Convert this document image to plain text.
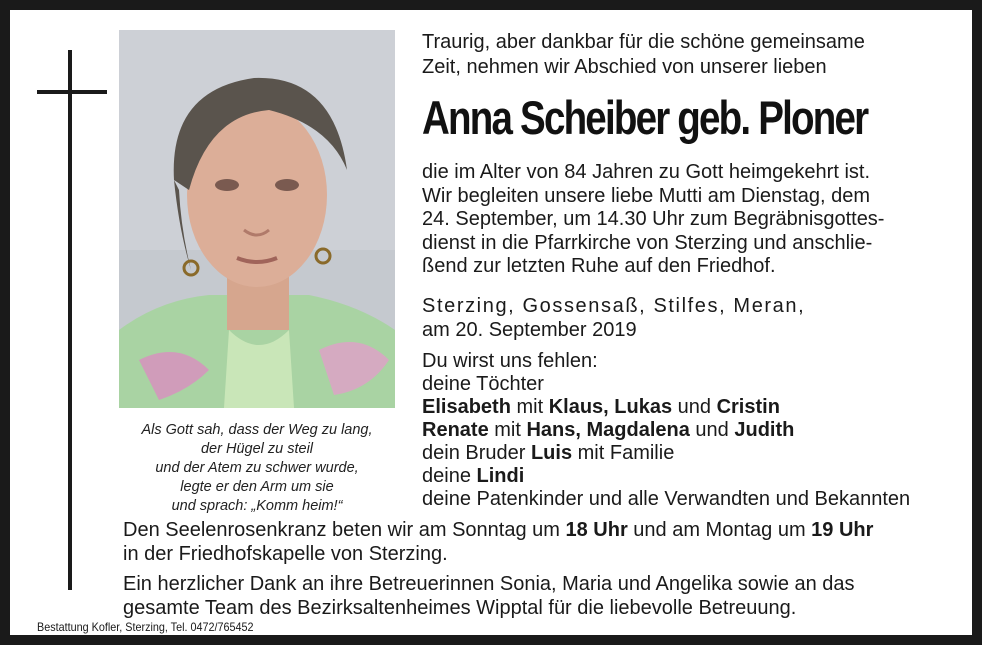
Als Gott sah, dass der Weg zu lang,
der Hügel zu steil
und der Atem zu schwer wurde,
legte er den Arm um sie
und sprach: „Komm heim!“
Traurig, aber dankbar für die schöne gemeinsame
Zeit, nehmen wir Abschied von unserer lieben
Anna Scheiber geb. Ploner
die im Alter von 84 Jahren zu Gott heimgekehrt ist.
Wir begleiten unsere liebe Mutti am Dienstag, dem
24. September, um 14.30 Uhr zum Begräbnisgottes-
dienst in die Pfarrkirche von Sterzing und anschlie-
ßend zur letzten Ruhe auf den Friedhof.
Sterzing, Gossensaß, Stilfes, Meran,
am 20. September 2019
Du wirst uns fehlen:
deine Töchter
Elisabeth mit Klaus, Lukas und Cristin
Renate mit Hans, Magdalena und Judith
dein Bruder Luis mit Familie
deine Lindi
deine Patenkinder und alle Verwandten und Bekannten
Den Seelenrosenkranz beten wir am Sonntag um 18 Uhr und am Montag um 19 Uhr
in der Friedhofskapelle von Sterzing.
Ein herzlicher Dank an ihre Betreuerinnen Sonia, Maria und Angelika sowie an das
gesamte Team des Bezirksaltenheimes Wipptal für die liebevolle Betreuung.
Bestattung Kofler, Sterzing, Tel. 0472/765452
